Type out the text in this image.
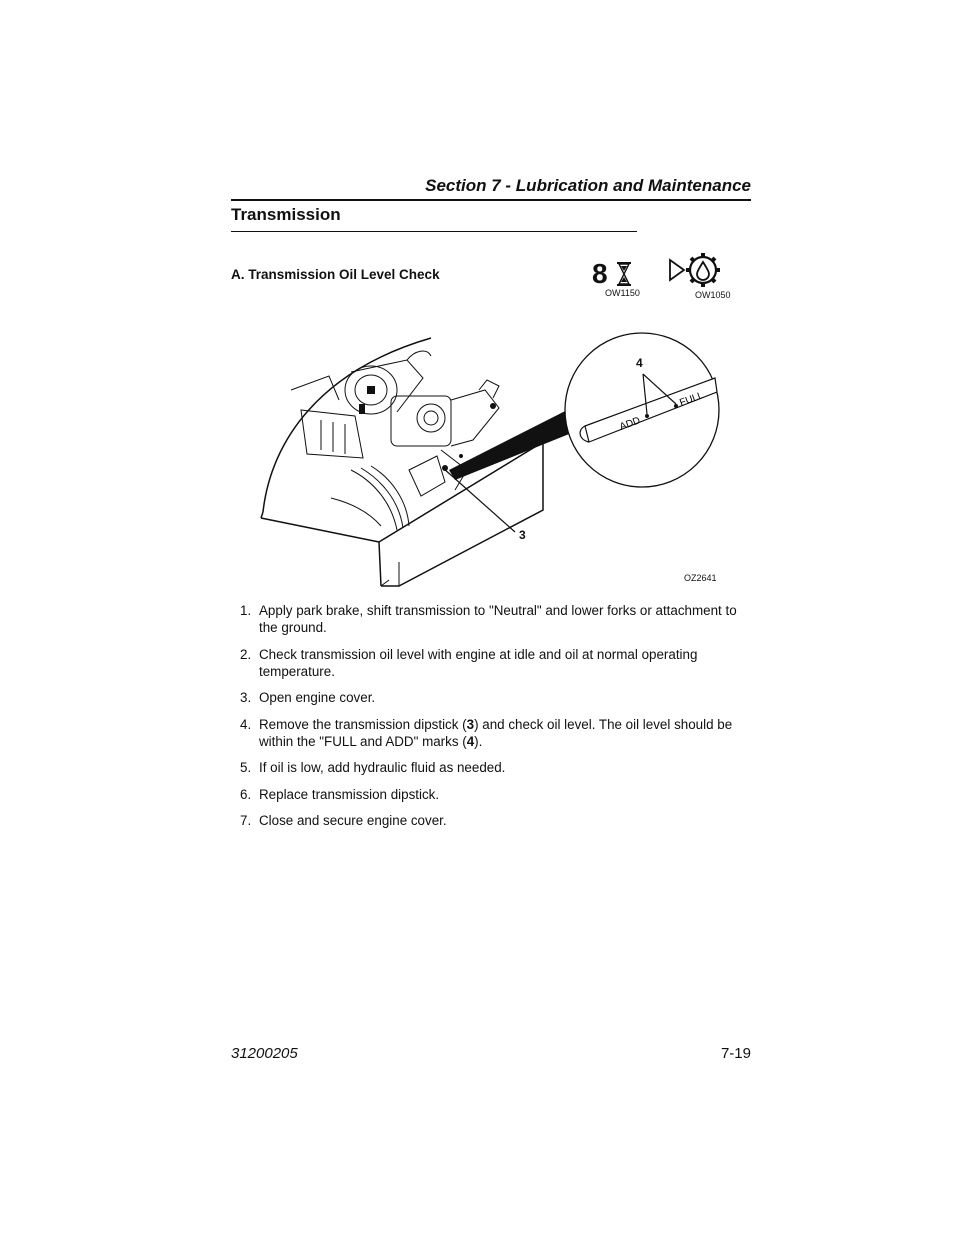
Section 7 - Lubrication and Maintenance
Transmission
A. Transmission Oil Level Check	8
OW1150	OW1050
ADD
FULL
4
3
OZ2641
1. Apply park brake, shift transmission to "Neutral" and lower forks or attachment to the ground.
2. Check transmission oil level with engine at idle and oil at normal operating temperature.
3. Open engine cover.
4. Remove the transmission dipstick (3) and check oil level. The oil level should be within the "FULL and ADD" marks (4).
5. If oil is low, add hydraulic fluid as needed.
6. Replace transmission dipstick.
7. Close and secure engine cover.
31200205	7-19
